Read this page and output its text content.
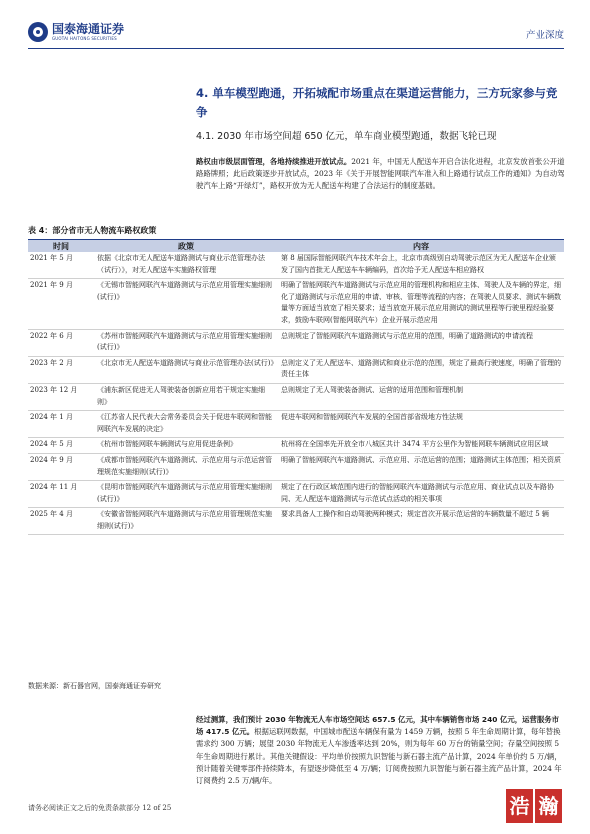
国泰海通证券
GUOTAI HAITONG SECURITIES	产业深度
4. 单车模型跑通，开拓城配市场重点在渠道运营能力，三方玩家参与竞争
4.1. 2030 年市场空间超 650 亿元，单车商业模型跑通，数据飞轮已现
路权由市级层面管理，各地持续推进开放试点。2021 年，中国无人配送车开启合法化进程，北京发放首张公开道路路牌照；此后政策逐步开放试点，2023 年《关于开展智能网联汽车准入和上路通行试点工作的通知》为自动驾驶汽车上路“开绿灯”，路权开放为无人配送车构建了合法运行的制度基础。
表 4：部分省市无人物流车路权政策
时间	政策	内容
2021 年 5 月	依据《北京市无人配送车道路测试与商业示范管理办法（试行）》，对无人配送车实施路权管理
第 8 届国际智能网联汽车技术年会上，北京市高级别自动驾驶示范区为无人配送车企业颁发了国内首批无人配送车车辆编码，首次给予无人配送车相应路权
2021 年 9 月	《无锡市智能网联汽车道路测试与示范应用管理实施细则(试行)》
明确了智能网联汽车道路测试与示范应用的管理机构和相应主体、驾驶人及车辆的界定，细化了道路测试与示范应用的申请、审核、管理等流程的内容；在驾驶人员要求、测试车辆数量等方面适当放宽了相关要求；适当放宽开展示范应用测试的测试里程等行驶里程经验要求，鼓励车联网(智能网联汽车）企业开展示范应用
2022 年 6 月	《苏州市智能网联汽车道路测试与示范应用管理实施细则(试行)》
总则规定了智能网联汽车道路测试与示范应用的范围，明确了道路测试的申请流程
2023 年 2 月	《北京市无人配送车道路测试与商业示范管理办法(试行)》 总则定义了无人配送车、道路测试和商业示范的范围，规定了最高行驶速度，明确了管理的责任主体
2023 年 12 月	《浦东新区促进无人驾驶装备创新应用若干规定实施细则》
总则规定了无人驾驶装备测试、运营的适用范围和管理机制
2024 年 1 月	《江苏省人民代表大会常务委员会关于促进车联网和智能网联汽车发展的决定》
促进车联网和智能网联汽车发展的全国首部省级地方性法规
2024 年 5 月	《杭州市智能网联车辆测试与应用促进条例》	杭州将在全国率先开放全市八城区共计 3474 平方公里作为智能网联车辆测试应用区域
2024 年 9 月	《成都市智能网联汽车道路测试、示范应用与示范运营管理规范实施细则(试行)》
明确了智能网联汽车道路测试、示范应用、示范运营的范围；道路测试主体范围；相关资质
2024 年 11 月	《昆明市智能网联汽车道路测试与示范应用管理实施细则(试行)》
规定了在行政区域范围内进行的智能网联汽车道路测试与示范应用、商业试点以及车路协同、无人配送车道路测试与示范试点活动的相关事项
2025 年 4 月	《安徽省智能网联汽车道路测试与示范应用管理规范实施细则(试行)》
要求具备人工操作和自动驾驶两种模式；规定首次开展示范运营的车辆数量不超过 5 辆
数据来源：新石器官网，国泰海通证券研究
经过测算，我们预计 2030 年物流无人车市场空间达 657.5 亿元，其中车辆销售市场 240 亿元，运营服务市场 417.5 亿元。根据运联网数据，中国城市配送车辆保有量为 1459 万辆，按照 5 年生命周期计算，每年替换需求约 300 万辆；展望 2030 年物流无人车渗透率达到 20%，则为每年 60 万台的销量空间；存量空间按照 5 年生命周期进行累计。其他关键假设：平均单价按照九识智能与新石器主流产品计算，2024 年单价约 5 万/辆，预计随着关键零部件持续降本，有望逐步降低至 4 万/辆；订阅费按照九识智能与新石器主流产品计算，2024 年订阅费约 2.5 万/辆/年。
请务必阅读正文之后的免责条款部分 12 of 25	浩 瀚
